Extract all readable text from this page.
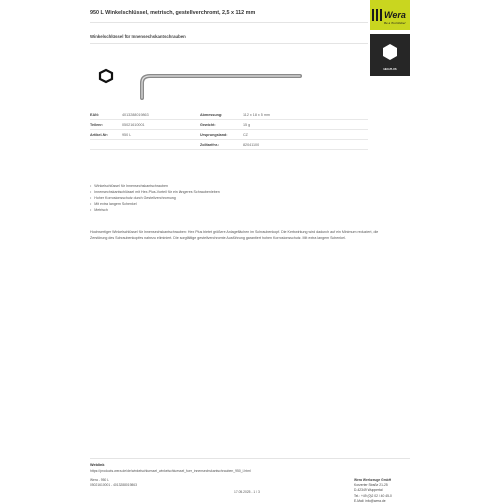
950 L Winkelschlüssel, metrisch, gestellverchromt, 2,5 x 112 mm	Wera
Be a Tool Rebel
Winkelschlüssel für Innensechskantschrauben
HEX-PLUS
EAN:	4013288019863	Abmessung:	112 x 18 x 5 mm
Teilenr:	05021610001	Gewicht:	15 g
Artikel-Nr:	950 L	Ursprungsland:	CZ
Zolltarifnr.:	82041100
• Winkelschlüssel für Innensechskantschrauben
• Innensechskantschlüssel mit Hex-Plus-Vorteil für ein längeres Schraubenleben
• Hoher Korrosionsschutz durch Gestellverchromung
• Mit extra langem Schenkel
• Metrisch
Hochwertiger Winkelschlüssel für Innensechskantschrauben: Hex Plus bietet größere Anlageflächen im Schraubenkopf. Die Kerbwirkung wird dadurch auf ein Minimum reduziert, die Zerstörung des Schraubenkopfes nahezu eliminiert. Die sorgfältige gestellverchromte Ausführung garantiert hohen Korrosionsschutz. Mit extra langem Schenkel.
Weblink
https://products.wera.de/de/winkelschluessel_winkelschluessel_fuer_innensechskantschrauben_950_l.html
Wera - 950 L
05021610001 - 4013288019863
17.05.2025 - 1 / 3
Wera Werkzeuge GmbH
Korzerter Straße 21-25
D-42349 Wuppertal
Tel.: +49 (0)2 02 / 40 45-0
E-Mail: info@wera.de
